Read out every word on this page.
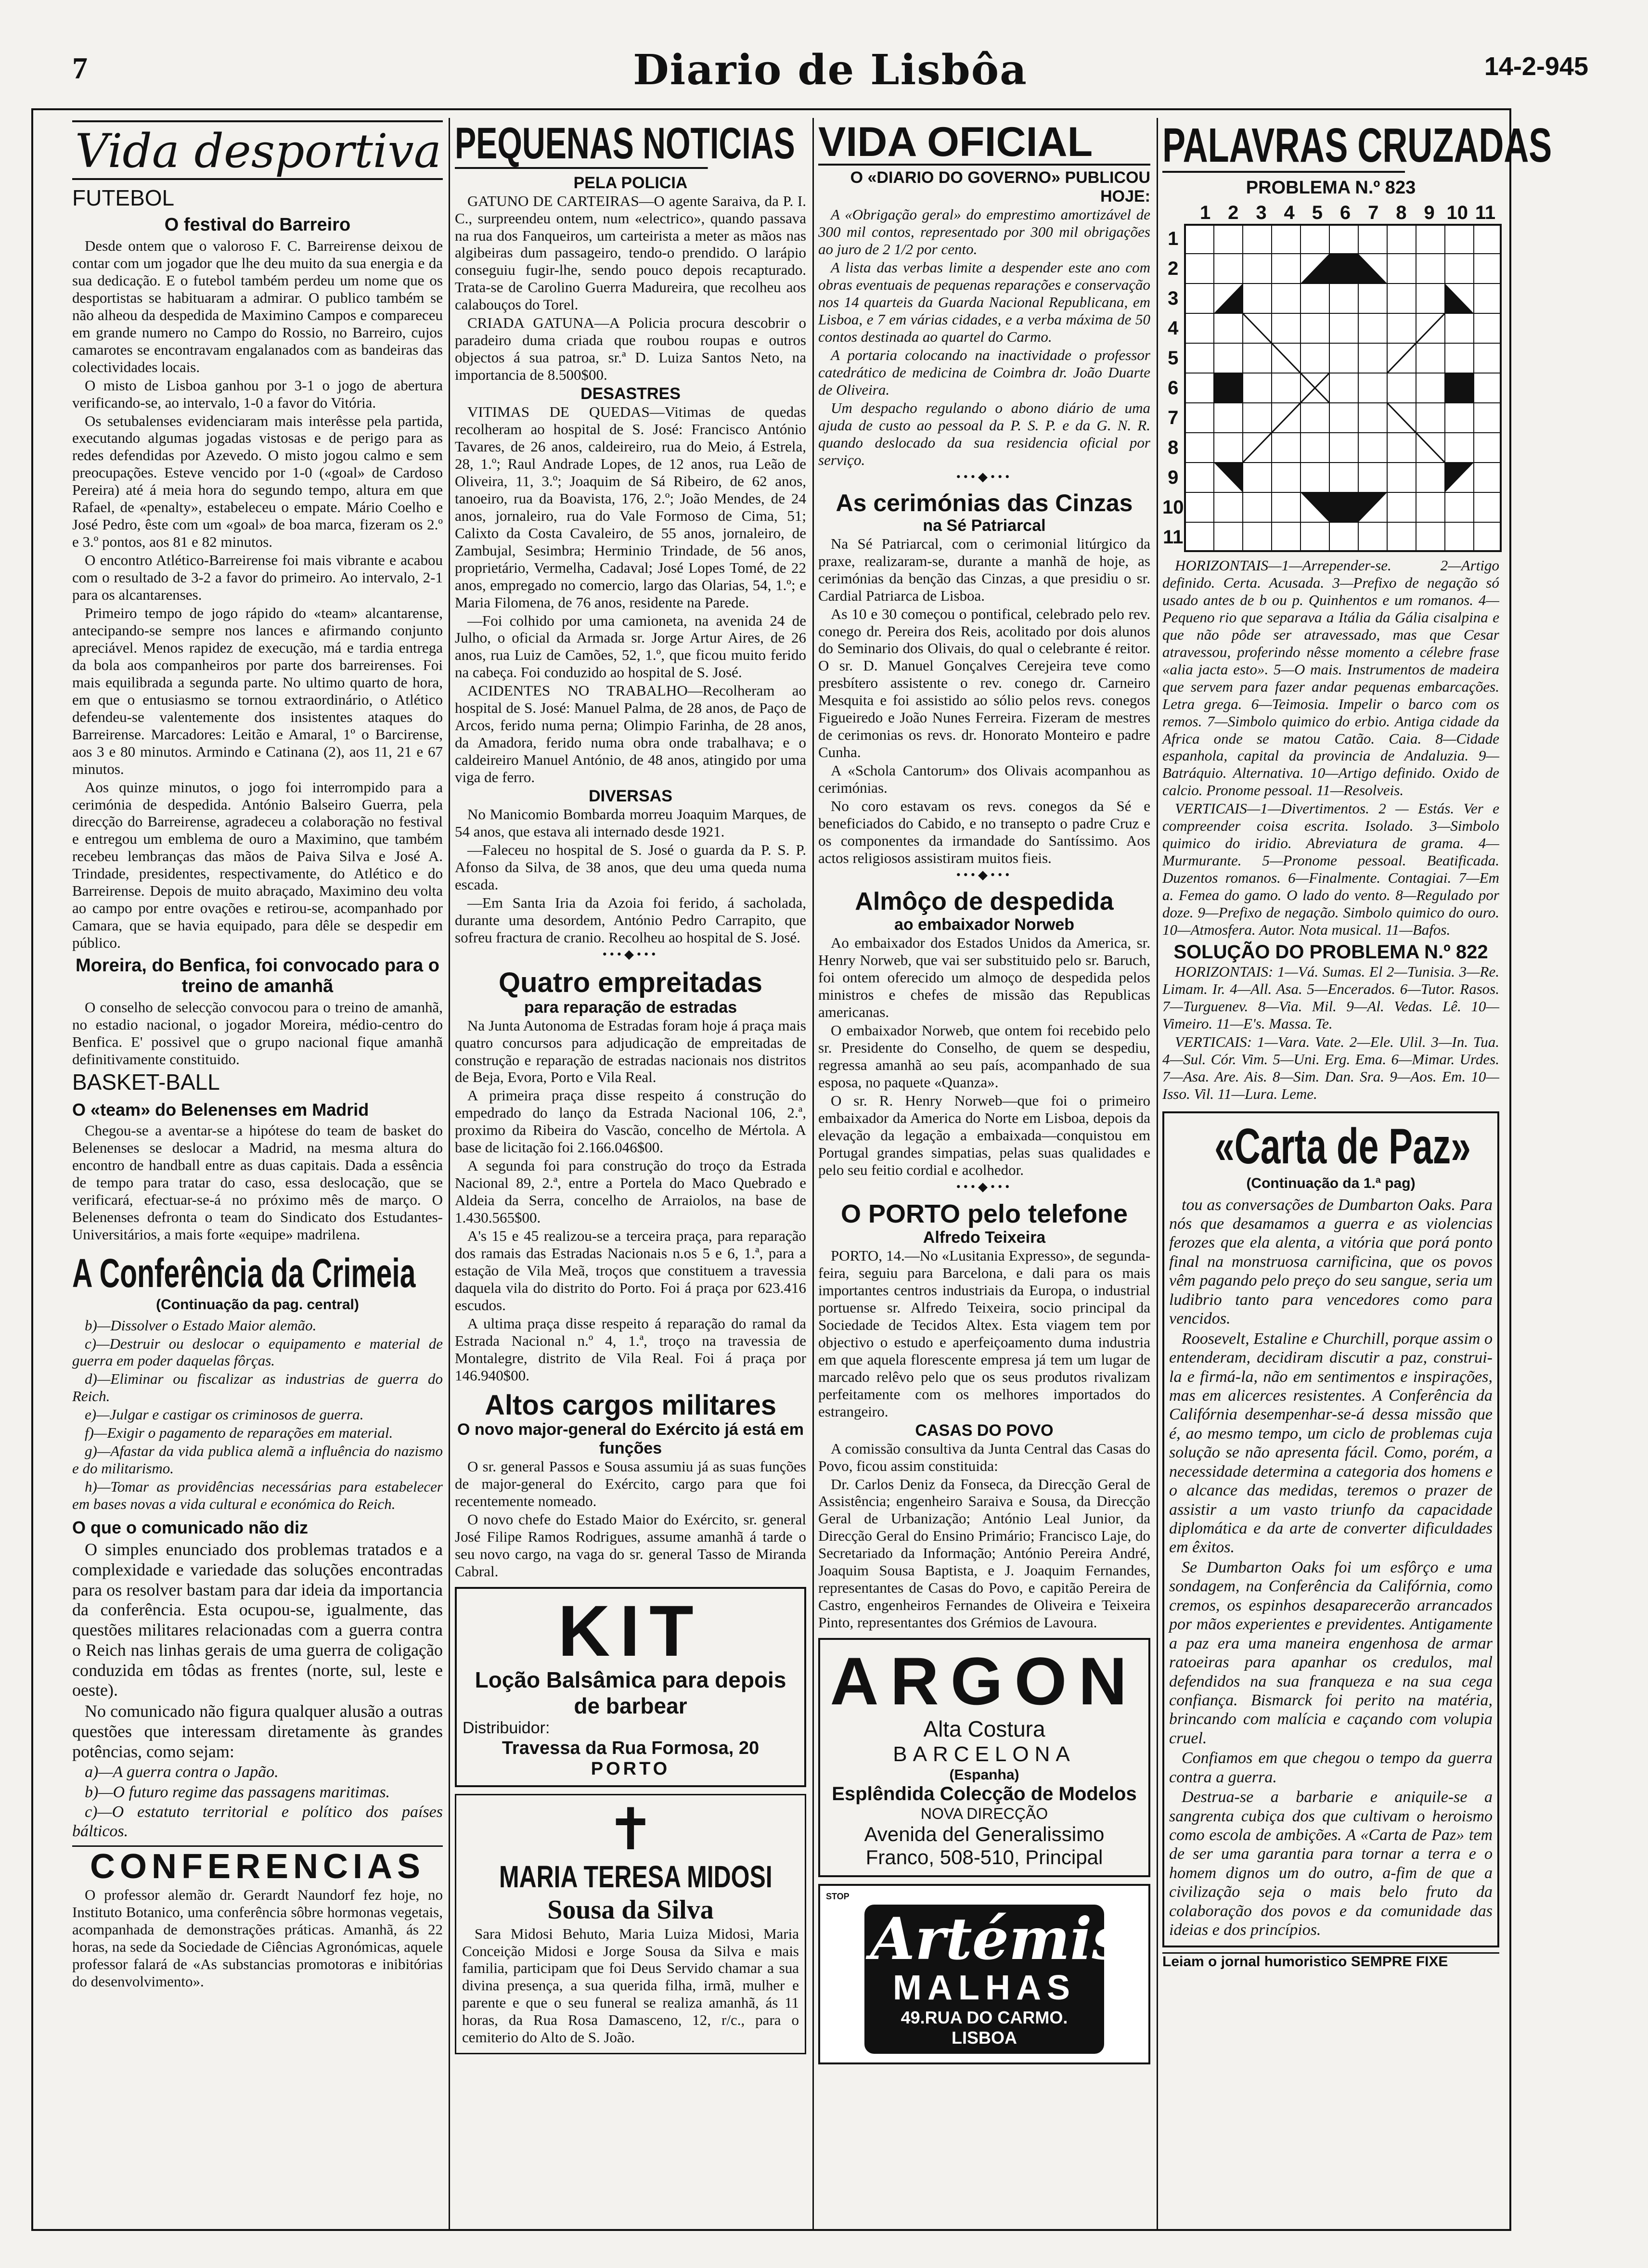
7	Diario de Lisbôa	14-2-945
Vida desportiva
FUTEBOL
O festival do Barreiro

Desde ontem que o valoroso F. C. Barreirense deixou de contar com um jogador que lhe deu muito da sua energia e da sua dedicação. E o futebol também perdeu um nome que os desportistas se habituaram a admirar. O publico também se não alheou da despedida de Maximino Campos e compareceu em grande numero no Campo do Rossio, no Barreiro, cujos camarotes se encontravam engalanados com as bandeiras das colectividades locais.

O misto de Lisboa ganhou por 3-1 o jogo de abertura verificando-se, ao intervalo, 1-0 a favor do Vitória.

Os setubalenses evidenciaram mais interêsse pela partida, executando algumas jogadas vistosas e de perigo para as redes defendidas por Azevedo. O misto jogou calmo e sem preocupações. Esteve vencido por 1-0 («goal» de Cardoso Pereira) até á meia hora do segundo tempo, altura em que Rafael, de «penalty», estabeleceu o empate. Mário Coelho e José Pedro, êste com um «goal» de boa marca, fizeram os 2.º e 3.º pontos, aos 81 e 82 minutos.

O encontro Atlético-Barreirense foi mais vibrante e acabou com o resultado de 3-2 a favor do primeiro. Ao intervalo, 2-1 para os alcantarenses.

Primeiro tempo de jogo rápido do «team» alcantarense, antecipando-se sempre nos lances e afirmando conjunto apreciável. Menos rapidez de execução, má e tardia entrega da bola aos companheiros por parte dos barreirenses. Foi mais equilibrada a segunda parte. No ultimo quarto de hora, em que o entusiasmo se tornou extraordinário, o Atlético defendeu-se valentemente dos insistentes ataques do Barreirense. Marcadores: Leitão e Amaral, 1º o Barcirense, aos 3 e 80 minutos. Armindo e Catinana (2), aos 11, 21 e 67 minutos.

Aos quinze minutos, o jogo foi interrompido para a cerimónia de despedida. António Balseiro Guerra, pela direcção do Barreirense, agradeceu a colaboração no festival e entregou um emblema de ouro a Maximino, que também recebeu lembranças das mãos de Paiva Silva e José A. Trindade, presidentes, respectivamente, do Atlético e do Barreirense. Depois de muito abraçado, Maximino deu volta ao campo por entre ovações e retirou-se, acompanhado por Camara, que se havia equipado, para dêle se despedir em público.

Moreira, do Benfica, foi convocado para o treino de amanhã

O conselho de selecção convocou para o treino de amanhã, no estadio nacional, o jogador Moreira, médio-centro do Benfica. E' possivel que o grupo nacional fique amanhã definitivamente constituido.

BASKET-BALL
O «team» do Belenenses em Madrid

Chegou-se a aventar-se a hipótese do team de basket do Belenenses se deslocar a Madrid, na mesma altura do encontro de handball entre as duas capitais. Dada a essência de tempo para tratar do caso, essa deslocação, que se verificará, efectuar-se-á no próximo mês de março. O Belenenses defronta o team do Sindicato dos Estudantes-Universitários, a mais forte «equipe» madrilena.

A Conferência da Crimeia
(Continuação da pag. central)

b)—Dissolver o Estado Maior alemão.

c)—Destruir ou deslocar o equipamento e material de guerra em poder daquelas fôrças.

d)—Eliminar ou fiscalizar as industrias de guerra do Reich.

e)—Julgar e castigar os criminosos de guerra.

f)—Exigir o pagamento de reparações em material.

g)—Afastar da vida publica alemã a influência do nazismo e do militarismo.

h)—Tomar as providências necessárias para estabelecer em bases novas a vida cultural e económica do Reich.

O que o comunicado não diz

O simples enunciado dos problemas tratados e a complexidade e variedade das soluções encontradas para os resolver bastam para dar ideia da importancia da conferência. Esta ocupou-se, igualmente, das questões militares relacionadas com a guerra contra o Reich nas linhas gerais de uma guerra de coligação conduzida em tôdas as frentes (norte, sul, leste e oeste).

No comunicado não figura qualquer alusão a outras questões que interessam diretamente às grandes potências, como sejam:

a)—A guerra contra o Japão.

b)—O futuro regime das passagens maritimas.

c)—O estatuto territorial e político dos países bálticos.

CONFERENCIAS

O professor alemão dr. Gerardt Naundorf fez hoje, no Instituto Botanico, uma conferência sôbre hormonas vegetais, acompanhada de demonstrações práticas. Amanhã, ás 22 horas, na sede da Sociedade de Ciências Agronómicas, aquele professor falará de «As substancias promotoras e inibitórias do desenvolvimento».

PEQUENAS NOTICIAS
PELA POLICIA

GATUNO DE CARTEIRAS—O agente Saraiva, da P. I. C., surpreendeu ontem, num «electrico», quando passava na rua dos Fanqueiros, um carteirista a meter as mãos nas algibeiras dum passageiro, tendo-o prendido. O larápio conseguiu fugir-lhe, sendo pouco depois recapturado. Trata-se de Carolino Guerra Madureira, que recolheu aos calabouços do Torel.

CRIADA GATUNA—A Policia procura descobrir o paradeiro duma criada que roubou roupas e outros objectos á sua patroa, sr.ª D. Luiza Santos Neto, na importancia de 8.500$00.

DESASTRES

VITIMAS DE QUEDAS—Vitimas de quedas recolheram ao hospital de S. José: Francisco António Tavares, de 26 anos, caldeireiro, rua do Meio, á Estrela, 28, 1.º; Raul Andrade Lopes, de 12 anos, rua Leão de Oliveira, 11, 3.º; Joaquim de Sá Ribeiro, de 62 anos, tanoeiro, rua da Boavista, 176, 2.º; João Mendes, de 24 anos, jornaleiro, rua do Vale Formoso de Cima, 51; Calixto da Costa Cavaleiro, de 55 anos, jornaleiro, de Zambujal, Sesimbra; Herminio Trindade, de 56 anos, proprietário, Vermelha, Cadaval; José Lopes Tomé, de 22 anos, empregado no comercio, largo das Olarias, 54, 1.º; e Maria Filomena, de 76 anos, residente na Parede.

—Foi colhido por uma camioneta, na avenida 24 de Julho, o oficial da Armada sr. Jorge Artur Aires, de 26 anos, rua Luiz de Camões, 52, 1.º, que ficou muito ferido na cabeça. Foi conduzido ao hospital de S. José.

ACIDENTES NO TRABALHO—Recolheram ao hospital de S. José: Manuel Palma, de 28 anos, de Paço de Arcos, ferido numa perna; Olimpio Farinha, de 28 anos, da Amadora, ferido numa obra onde trabalhava; e o caldeireiro Manuel António, de 48 anos, atingido por uma viga de ferro.

DIVERSAS

No Manicomio Bombarda morreu Joaquim Marques, de 54 anos, que estava ali internado desde 1921.

—Faleceu no hospital de S. José o guarda da P. S. P. Afonso da Silva, de 38 anos, que deu uma queda numa escada.

—Em Santa Iria da Azoia foi ferido, á sacholada, durante uma desordem, António Pedro Carrapito, que sofreu fractura de cranio. Recolheu ao hospital de S. José.

•••◆•••
Quatro empreitadas
para reparação de estradas

Na Junta Autonoma de Estradas foram hoje á praça mais quatro concursos para adjudicação de empreitadas de construção e reparação de estradas nacionais nos distritos de Beja, Evora, Porto e Vila Real.

A primeira praça disse respeito á construção do empedrado do lanço da Estrada Nacional 106, 2.ª, proximo da Ribeira do Vascão, concelho de Mértola. A base de licitação foi 2.166.046$00.

A segunda foi para construção do troço da Estrada Nacional 89, 2.ª, entre a Portela do Maco Quebrado e Aldeia da Serra, concelho de Arraiolos, na base de 1.430.565$00.

A's 15 e 45 realizou-se a terceira praça, para reparação dos ramais das Estradas Nacionais n.os 5 e 6, 1.ª, para a estação de Vila Meã, troços que constituem a travessia daquela vila do distrito do Porto. Foi á praça por 623.416 escudos.

A ultima praça disse respeito á reparação do ramal da Estrada Nacional n.º 4, 1.ª, troço na travessia de Montalegre, distrito de Vila Real. Foi á praça por 146.940$00.

Altos cargos militares
O novo major-general do Exército já está em funções

O sr. general Passos e Sousa assumiu já as suas funções de major-general do Exército, cargo para que foi recentemente nomeado.

O novo chefe do Estado Maior do Exército, sr. general José Filipe Ramos Rodrigues, assume amanhã á tarde o seu novo cargo, na vaga do sr. general Tasso de Miranda Cabral.

KIT
Loção Balsâmica para depois de barbear
Distribuidor:
Travessa da Rua Formosa, 20
PORTO
✝
MARIA TERESA MIDOSI
Sousa da Silva

Sara Midosi Behuto, Maria Luiza Midosi, Maria Conceição Midosi e Jorge Sousa da Silva e mais familia, participam que foi Deus Servido chamar a sua divina presença, a sua querida filha, irmã, mulher e parente e que o seu funeral se realiza amanhã, ás 11 horas, da Rua Rosa Damasceno, 12, r/c., para o cemiterio do Alto de S. João.

VIDA OFICIAL
O «DIARIO DO GOVERNO» PUBLICOU HOJE:

A «Obrigação geral» do emprestimo amortizável de 300 mil contos, representado por 300 mil obrigações ao juro de 2 1/2 por cento.

A lista das verbas limite a despender este ano com obras eventuais de pequenas reparações e conservação nos 14 quarteis da Guarda Nacional Republicana, em Lisboa, e 7 em várias cidades, e a verba máxima de 50 contos destinada ao quartel do Carmo.

A portaria colocando na inactividade o professor catedrático de medicina de Coimbra dr. João Duarte de Oliveira.

Um despacho regulando o abono diário de uma ajuda de custo ao pessoal da P. S. P. e da G. N. R. quando deslocado da sua residencia oficial por serviço.

•••◆•••
As cerimónias das Cinzas
na Sé Patriarcal

Na Sé Patriarcal, com o cerimonial litúrgico da praxe, realizaram-se, durante a manhã de hoje, as cerimónias da benção das Cinzas, a que presidiu o sr. Cardial Patriarca de Lisboa.

As 10 e 30 começou o pontifical, celebrado pelo rev. conego dr. Pereira dos Reis, acolitado por dois alunos do Seminario dos Olivais, do qual o celebrante é reitor. O sr. D. Manuel Gonçalves Cerejeira teve como presbítero assistente o rev. conego dr. Carneiro Mesquita e foi assistido ao sólio pelos revs. conegos Figueiredo e João Nunes Ferreira. Fizeram de mestres de cerimonias os revs. dr. Honorato Monteiro e padre Cunha.

A «Schola Cantorum» dos Olivais acompanhou as cerimónias.

No coro estavam os revs. conegos da Sé e beneficiados do Cabido, e no transepto o padre Cruz e os componentes da irmandade do Santíssimo. Aos actos religiosos assistiram muitos fieis.

•••◆•••
Almôço de despedida
ao embaixador Norweb

Ao embaixador dos Estados Unidos da America, sr. Henry Norweb, que vai ser substituido pelo sr. Baruch, foi ontem oferecido um almoço de despedida pelos ministros e chefes de missão das Republicas americanas.

O embaixador Norweb, que ontem foi recebido pelo sr. Presidente do Conselho, de quem se despediu, regressa amanhã ao seu país, acompanhado de sua esposa, no paquete «Quanza».

O sr. R. Henry Norweb—que foi o primeiro embaixador da America do Norte em Lisboa, depois da elevação da legação a embaixada—conquistou em Portugal grandes simpatias, pelas suas qualidades e pelo seu feitio cordial e acolhedor.

•••◆•••
O PORTO pelo telefone
Alfredo Teixeira

PORTO, 14.—No «Lusitania Expresso», de segunda-feira, seguiu para Barcelona, e dali para os mais importantes centros industriais da Europa, o industrial portuense sr. Alfredo Teixeira, socio principal da Sociedade de Tecidos Altex. Esta viagem tem por objectivo o estudo e aperfeiçoamento duma industria em que aquela florescente empresa já tem um lugar de marcado relêvo pelo que os seus produtos rivalizam perfeitamente com os melhores importados do estrangeiro.

CASAS DO POVO

A comissão consultiva da Junta Central das Casas do Povo, ficou assim constituida:

Dr. Carlos Deniz da Fonseca, da Direcção Geral de Assistência; engenheiro Saraiva e Sousa, da Direcção Geral de Urbanização; António Leal Junior, da Direcção Geral do Ensino Primário; Francisco Laje, do Secretariado da Informação; António Pereira André, Joaquim Sousa Baptista, e J. Joaquim Fernandes, representantes de Casas do Povo, e capitão Pereira de Castro, engenheiros Fernandes de Oliveira e Teixeira Pinto, representantes dos Grémios de Lavoura.

ARGON
Alta Costura
BARCELONA
(Espanha)
Esplêndida Colecção de Modelos
NOVA DIRECÇÃO
Avenida del Generalissimo
Franco, 508-510, Principal
STOP
Artémis
MALHAS
49.RUA DO CARMO. LISBOA
PALAVRAS CRUZADAS
PROBLEMA N.º 823
1 2 3 4 5 6 7 8 9 10 11
1
2
3
4
5
6
7
8
9
10
11

HORIZONTAIS—1—Arrepender-se. 2—Artigo definido. Certa. Acusada. 3—Prefixo de negação só usado antes de b ou p. Quinhentos e um romanos. 4—Pequeno rio que separava a Itália da Gália cisalpina e que não pôde ser atravessado, mas que Cesar atravessou, proferindo nêsse momento a célebre frase «alia jacta esto». 5—O mais. Instrumentos de madeira que servem para fazer andar pequenas embarcações. Letra grega. 6—Teimosia. Impelir o barco com os remos. 7—Simbolo quimico do erbio. Antiga cidade da Africa onde se matou Catão. Caia. 8—Cidade espanhola, capital da provincia de Andaluzia. 9—Batráquio. Alternativa. 10—Artigo definido. Oxido de calcio. Pronome pessoal. 11—Resolveis.

VERTICAIS—1—Divertimentos. 2 — Estás. Ver e compreender coisa escrita. Isolado. 3—Simbolo quimico do iridio. Abreviatura de grama. 4—Murmurante. 5—Pronome pessoal. Beatificada. Duzentos romanos. 6—Finalmente. Contagiai. 7—Em a. Femea do gamo. O lado do vento. 8—Regulado por doze. 9—Prefixo de negação. Simbolo quimico do ouro. 10—Atmosfera. Autor. Nota musical. 11—Bafos.

SOLUÇÃO DO PROBLEMA N.º 822

HORIZONTAIS: 1—Vá. Sumas. El 2—Tunisia. 3—Re. Limam. Ir. 4—All. Asa. 5—Encerados. 6—Tutor. Rasos. 7—Turguenev. 8—Via. Mil. 9—Al. Vedas. Lê. 10—Vimeiro. 11—E's. Massa. Te.

VERTICAIS: 1—Vara. Vate. 2—Ele. Ulil. 3—In. Tua. 4—Sul. Cór. Vim. 5—Uni. Erg. Ema. 6—Mimar. Urdes. 7—Asa. Are. Ais. 8—Sim. Dan. Sra. 9—Aos. Em. 10—Isso. Vil. 11—Lura. Leme.

«Carta de Paz»
(Continuação da 1.ª pag)

tou as conversações de Dumbarton Oaks. Para nós que desamamos a guerra e as violencias ferozes que ela alenta, a vitória que porá ponto final na monstruosa carnificina, que os povos vêm pagando pelo preço do seu sangue, seria um ludibrio tanto para vencedores como para vencidos.

Roosevelt, Estaline e Churchill, porque assim o entenderam, decidiram discutir a paz, construi-la e firmá-la, não em sentimentos e inspirações, mas em alicerces resistentes. A Conferência da Califórnia desempenhar-se-á dessa missão que é, ao mesmo tempo, um ciclo de problemas cuja solução se não apresenta fácil. Como, porém, a necessidade determina a categoria dos homens e o alcance das medidas, teremos o prazer de assistir a um vasto triunfo da capacidade diplomática e da arte de converter dificuldades em êxitos.

Se Dumbarton Oaks foi um esfôrço e uma sondagem, na Conferência da Califórnia, como cremos, os espinhos desaparecerão arrancados por mãos experientes e previdentes. Antigamente a paz era uma maneira engenhosa de armar ratoeiras para apanhar os credulos, mal defendidos na sua franqueza e na sua cega confiança. Bismarck foi perito na matéria, brincando com malícia e caçando com volupia cruel.

Confiamos em que chegou o tempo da guerra contra a guerra.

Destrua-se a barbarie e aniquile-se a sangrenta cubiça dos que cultivam o heroismo como escola de ambições. A «Carta de Paz» tem de ser uma garantia para tornar a terra e o homem dignos um do outro, a-fim de que a civilização seja o mais belo fruto da colaboração dos povos e da comunidade das ideias e dos princípios.

Leiam o jornal humoristico SEMPRE FIXE
